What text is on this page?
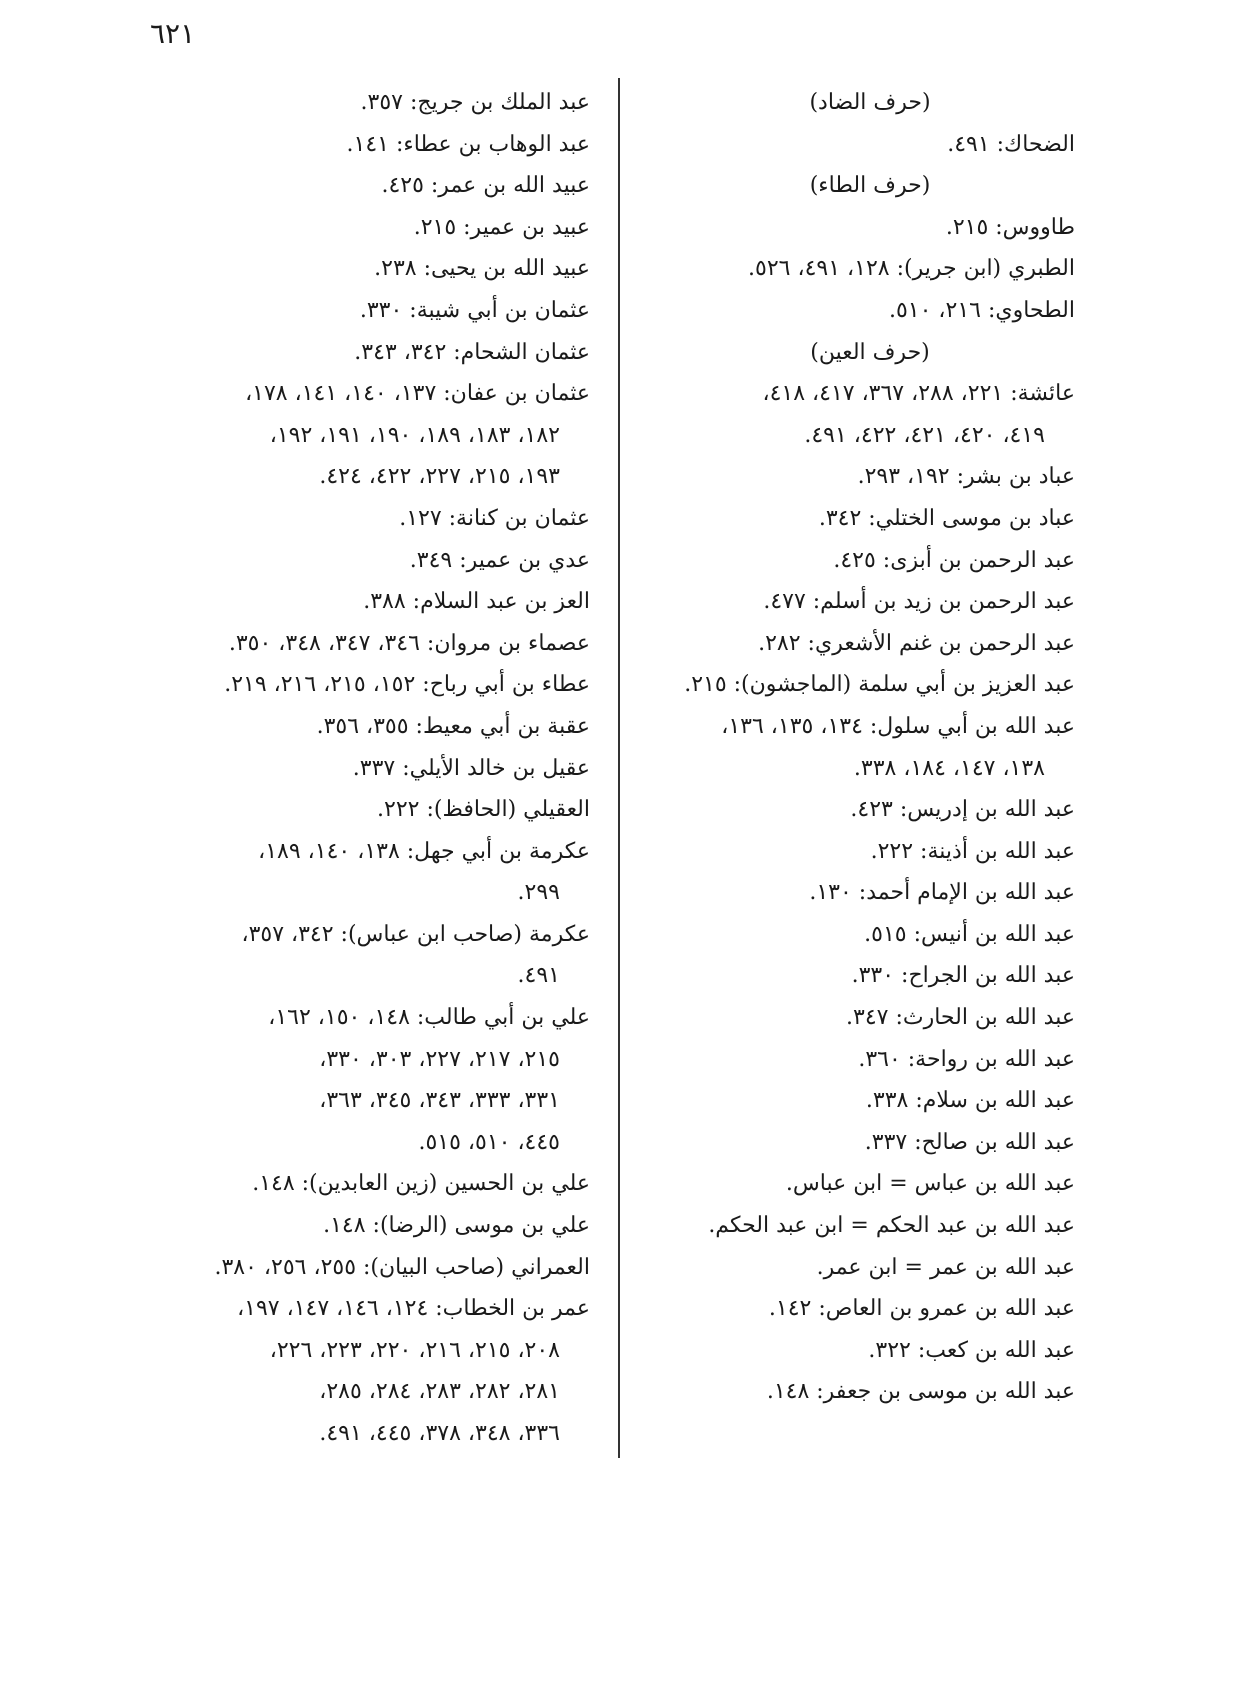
٦٢١
(حرف الضاد)
الضحاك: ٤٩١.
(حرف الطاء)
طاووس: ٢١٥.
الطبري (ابن جرير): ١٢٨، ٤٩١، ٥٢٦.
الطحاوي: ٢١٦، ٥١٠.
(حرف العين)
عائشة: ٢٢١، ٢٨٨، ٣٦٧، ٤١٧، ٤١٨،
٤١٩، ٤٢٠، ٤٢١، ٤٢٢، ٤٩١.
عباد بن بشر: ١٩٢، ٢٩٣.
عباد بن موسى الختلي: ٣٤٢.
عبد الرحمن بن أبزى: ٤٢٥.
عبد الرحمن بن زيد بن أسلم: ٤٧٧.
عبد الرحمن بن غنم الأشعري: ٢٨٢.
عبد العزيز بن أبي سلمة (الماجشون): ٢١٥.
عبد الله بن أبي سلول: ١٣٤، ١٣٥، ١٣٦،
١٣٨، ١٤٧، ١٨٤، ٣٣٨.
عبد الله بن إدريس: ٤٢٣.
عبد الله بن أذينة: ٢٢٢.
عبد الله بن الإمام أحمد: ١٣٠.
عبد الله بن أنيس: ٥١٥.
عبد الله بن الجراح: ٣٣٠.
عبد الله بن الحارث: ٣٤٧.
عبد الله بن رواحة: ٣٦٠.
عبد الله بن سلام: ٣٣٨.
عبد الله بن صالح: ٣٣٧.
عبد الله بن عباس = ابن عباس.
عبد الله بن عبد الحكم = ابن عبد الحكم.
عبد الله بن عمر = ابن عمر.
عبد الله بن عمرو بن العاص: ١٤٢.
عبد الله بن كعب: ٣٢٢.
عبد الله بن موسى بن جعفر: ١٤٨.
عبد الملك بن جريج: ٣٥٧.
عبد الوهاب بن عطاء: ١٤١.
عبيد الله بن عمر: ٤٢٥.
عبيد بن عمير: ٢١٥.
عبيد الله بن يحيى: ٢٣٨.
عثمان بن أبي شيبة: ٣٣٠.
عثمان الشحام: ٣٤٢، ٣٤٣.
عثمان بن عفان: ١٣٧، ١٤٠، ١٤١، ١٧٨،
١٨٢، ١٨٣، ١٨٩، ١٩٠، ١٩١، ١٩٢،
١٩٣، ٢١٥، ٢٢٧، ٤٢٢، ٤٢٤.
عثمان بن كنانة: ١٢٧.
عدي بن عمير: ٣٤٩.
العز بن عبد السلام: ٣٨٨.
عصماء بن مروان: ٣٤٦، ٣٤٧، ٣٤٨، ٣٥٠.
عطاء بن أبي رباح: ١٥٢، ٢١٥، ٢١٦، ٢١٩.
عقبة بن أبي معيط: ٣٥٥، ٣٥٦.
عقيل بن خالد الأيلي: ٣٣٧.
العقيلي (الحافظ): ٢٢٢.
عكرمة بن أبي جهل: ١٣٨، ١٤٠، ١٨٩،
٢٩٩.
عكرمة (صاحب ابن عباس): ٣٤٢، ٣٥٧،
٤٩١.
علي بن أبي طالب: ١٤٨، ١٥٠، ١٦٢،
٢١٥، ٢١٧، ٢٢٧، ٣٠٣، ٣٣٠،
٣٣١، ٣٣٣، ٣٤٣، ٣٤٥، ٣٦٣،
٤٤٥، ٥١٠، ٥١٥.
علي بن الحسين (زين العابدين): ١٤٨.
علي بن موسى (الرضا): ١٤٨.
العمراني (صاحب البيان): ٢٥٥، ٢٥٦، ٣٨٠.
عمر بن الخطاب: ١٢٤، ١٤٦، ١٤٧، ١٩٧،
٢٠٨، ٢١٥، ٢١٦، ٢٢٠، ٢٢٣، ٢٢٦،
٢٨١، ٢٨٢، ٢٨٣، ٢٨٤، ٢٨٥،
٣٣٦، ٣٤٨، ٣٧٨، ٤٤٥، ٤٩١.
